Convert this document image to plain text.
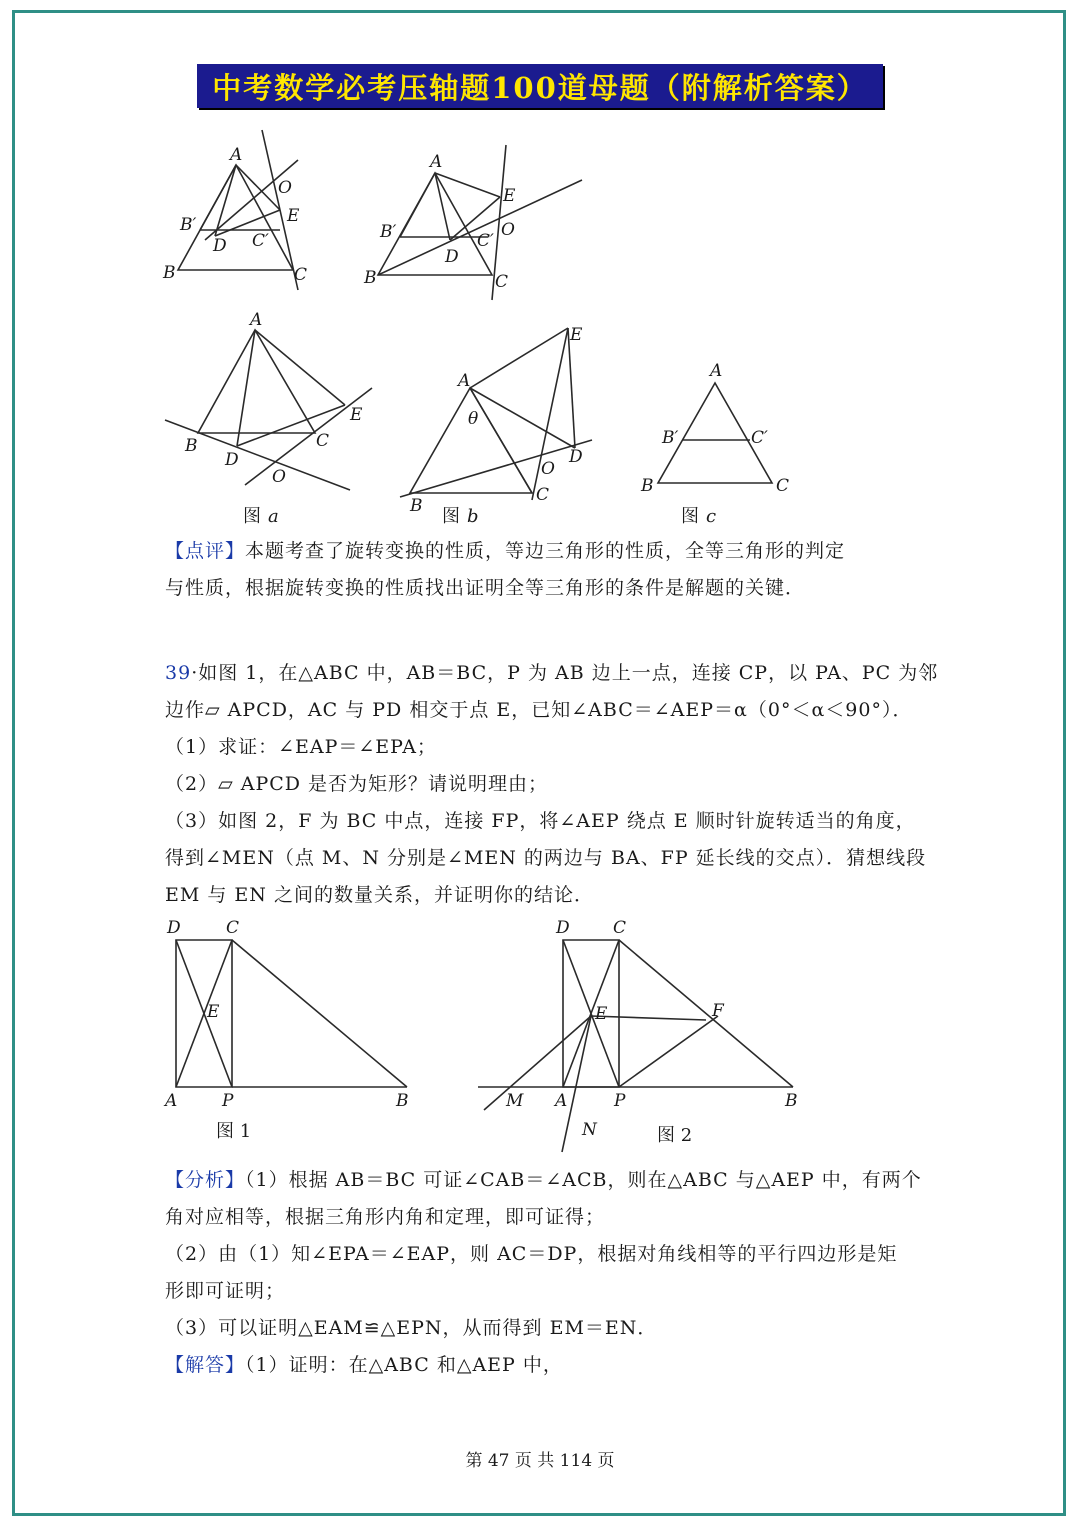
中考数学必考压轴题100道母题（附解析答案）
A
O
E
B′
D C′
B	C
A
E
B′	C′
O
D
B	C
A
E
B
D
C
O
图 a
E
A
θ
D
O
B
C
图 b
A
B′	C′
B	C
图 c
【点评】本题考查了旋转变换的性质，等边三角形的性质，全等三角形的判定
与性质，根据旋转变换的性质找出证明全等三角形的条件是解题的关键．
39·如图 1，在△ABC 中，AB＝BC，P 为 AB 边上一点，连接 CP，以 PA、PC 为邻
边作▱ APCD，AC 与 PD 相交于点 E，已知∠ABC＝∠AEP＝α（0°＜α＜90°）．
（1）求证：∠EAP＝∠EPA；
（2）▱ APCD 是否为矩形？请说明理由；
（3）如图 2，F 为 BC 中点，连接 FP，将∠AEP 绕点 E 顺时针旋转适当的角度，
得到∠MEN（点 M、N 分别是∠MEN 的两边与 BA、FP 延长线的交点）．猜想线段
EM 与 EN 之间的数量关系，并证明你的结论．
D	C
E
A	P	B
图 1
D	C
E	F
M A	P	B
N	图 2
【分析】（1）根据 AB＝BC 可证∠CAB＝∠ACB，则在△ABC 与△AEP 中，有两个
角对应相等，根据三角形内角和定理，即可证得；
（2）由（1）知∠EPA＝∠EAP，则 AC＝DP，根据对角线相等的平行四边形是矩
形即可证明；
（3）可以证明△EAM≌△EPN，从而得到 EM＝EN．
【解答】（1）证明：在△ABC 和△AEP 中，
第 47 页 共 114 页
